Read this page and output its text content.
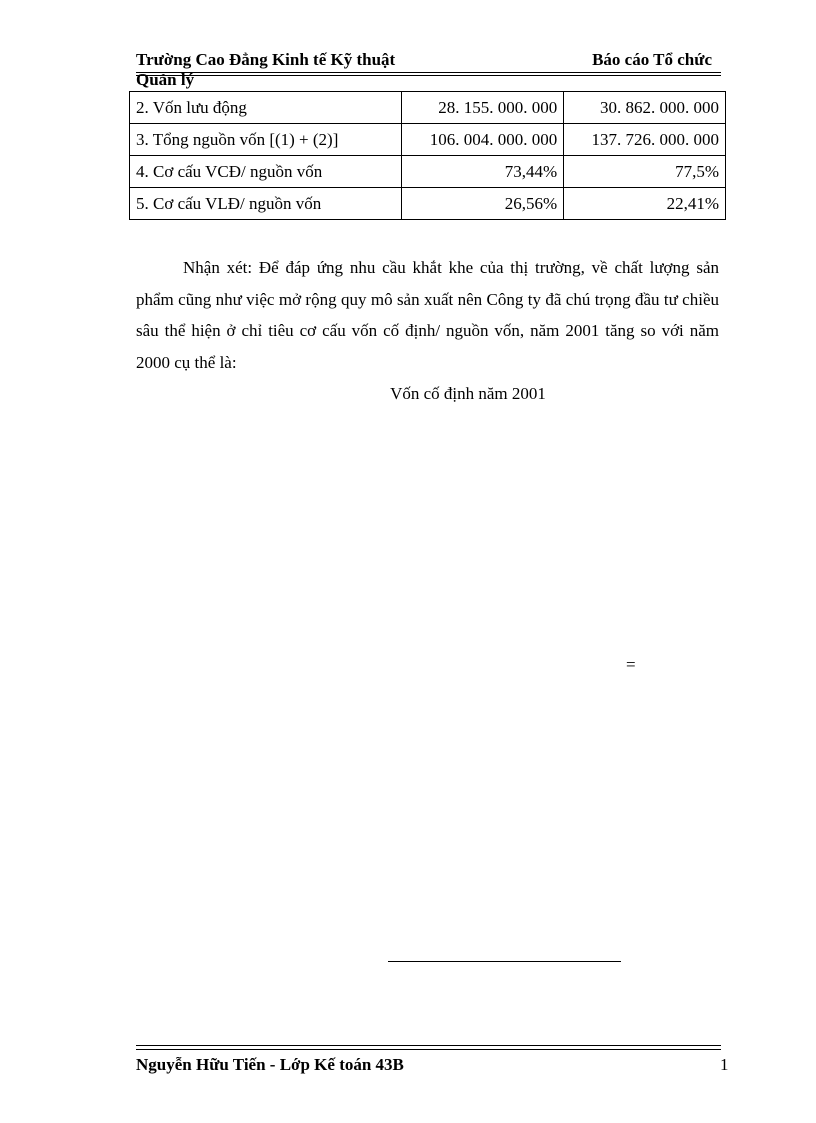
Trường Cao Đẳng Kinh tế Kỹ thuật
Quản lý
Báo cáo Tổ chức
2. Vốn lưu động	28. 155. 000. 000	30. 862. 000. 000
3. Tổng nguồn vốn [(1) + (2)]	106. 004. 000. 000	137. 726. 000. 000
4. Cơ cấu VCĐ/ nguồn vốn	73,44%	77,5%
5. Cơ cấu VLĐ/ nguồn vốn	26,56%	22,41%

Nhận xét: Để đáp ứng nhu cầu khắt khe của thị trường, về chất lượng sản phẩm cũng như việc mở rộng quy mô sản xuất nên Công ty đã chú trọng đầu tư chiều sâu thể hiện ở chỉ tiêu cơ cấu vốn cố định/ nguồn vốn, năm 2001 tăng so với năm 2000 cụ thể là:

Vốn cố định năm 2001
=
Nguyễn Hữu Tiến - Lớp Kế toán 43B	1
